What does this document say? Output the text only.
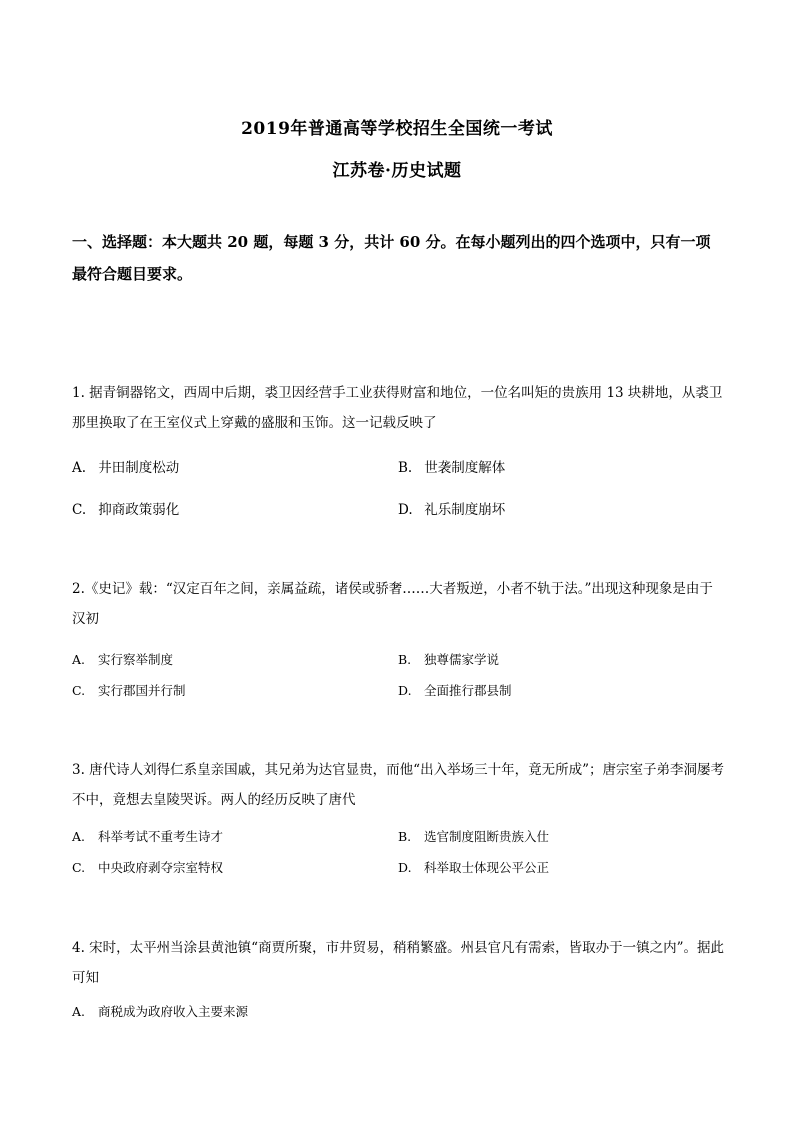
2019年普通高等学校招生全国统一考试
江苏卷·历史试题
一、选择题：本大题共 20 题，每题 3 分，共计 60 分。在每小题列出的四个选项中，只有一项最符合题目要求。
1. 据青铜器铭文，西周中后期，裘卫因经营手工业获得财富和地位，一位名叫矩的贵族用 13 块耕地，从裘卫那里换取了在王室仪式上穿戴的盛服和玉饰。这一记载反映了
A. 井田制度松动	B. 世袭制度解体
C. 抑商政策弱化	D. 礼乐制度崩坏
2.《史记》载：“汉定百年之间，亲属益疏，诸侯或骄奢……大者叛逆，小者不轨于法。”出现这种现象是由于汉初
A. 实行察举制度	B. 独尊儒家学说
C. 实行郡国并行制	D. 全面推行郡县制
3. 唐代诗人刘得仁系皇亲国戚，其兄弟为达官显贵，而他“出入举场三十年，竟无所成”；唐宗室子弟李洞屡考不中，竟想去皇陵哭诉。两人的经历反映了唐代
A. 科举考试不重考生诗才	B. 选官制度阻断贵族入仕
C. 中央政府剥夺宗室特权	D. 科举取士体现公平公正
4. 宋时，太平州当涂县黄池镇“商贾所聚，市井贸易，稍稍繁盛。州县官凡有需索，皆取办于一镇之内”。据此可知
A. 商税成为政府收入主要来源
